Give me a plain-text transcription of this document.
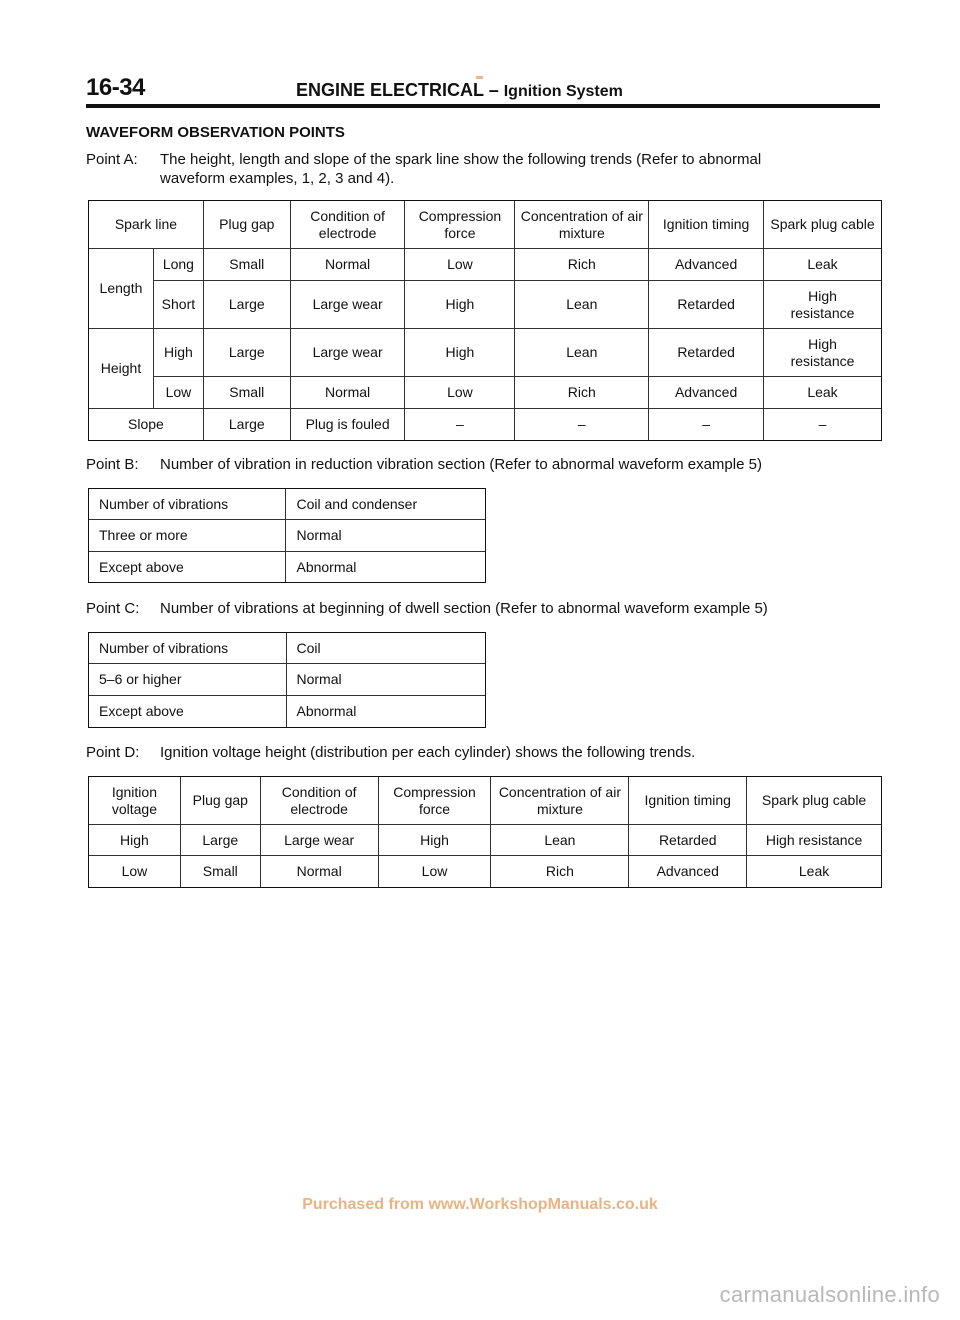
16-34	ENGINE ELECTRICAL – Ignition System
WAVEFORM OBSERVATION POINTS
Point A: The height, length and slope of the spark line show the following trends (Refer to abnormal
waveform examples, 1, 2, 3 and 4).
Spark line		Plug gap	Condition of electrode	Compression force	Concentration of air mixture	Ignition timing	Spark plug cable
Length	Long	Small	Normal	Low	Rich	Advanced	Leak
	Short	Large	Large wear	High	Lean	Retarded	High resistance
Height	High	Large	Large wear	High	Lean	Retarded	High resistance
	Low	Small	Normal	Low	Rich	Advanced	Leak
Slope		Large	Plug is fouled	–	–	–	–
Point B: Number of vibration in reduction vibration section (Refer to abnormal waveform example 5)
Number of vibrations	Coil and condenser
Three or more	Normal
Except above	Abnormal
Point C: Number of vibrations at beginning of dwell section (Refer to abnormal waveform example 5)
Number of vibrations	Coil
5–6 or higher	Normal
Except above	Abnormal
Point D: Ignition voltage height (distribution per each cylinder) shows the following trends.
Ignition voltage	Plug gap	Condition of electrode	Compression force	Concentration of air mixture	Ignition timing	Spark plug cable
High	Large	Large wear	High	Lean	Retarded	High resistance
Low	Small	Normal	Low	Rich	Advanced	Leak
Purchased from www.WorkshopManuals.co.uk
carmanualsonline.info
